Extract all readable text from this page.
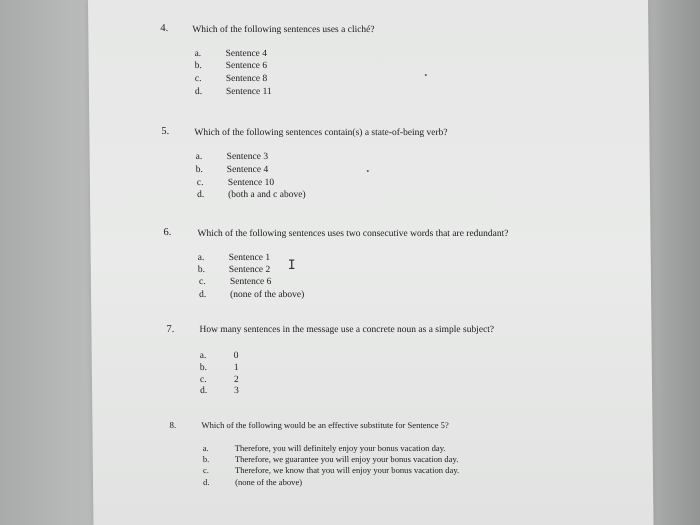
4.	Which of the following sentences uses a cliché?
a.	Sentence 4
b.	Sentence 6
c.	Sentence 8
d.	Sentence 11
5.	Which of the following sentences contain(s) a state-of-being verb?
a.	Sentence 3
b.	Sentence 4
c.	Sentence 10
d.	(both a and c above)
6.	Which of the following sentences uses two consecutive words that are redundant?
a.	Sentence 1
b.	Sentence 2
c.	Sentence 6
d.	(none of the above)
I
7.	How many sentences in the message use a concrete noun as a simple subject?
a.	0
b.	1
c.	2
d.	3
8.	Which of the following would be an effective substitute for Sentence 5?
a.	Therefore, you will definitely enjoy your bonus vacation day.
b.	Therefore, we guarantee you will enjoy your bonus vacation day.
c.	Therefore, we know that you will enjoy your bonus vacation day.
d.	(none of the above)
